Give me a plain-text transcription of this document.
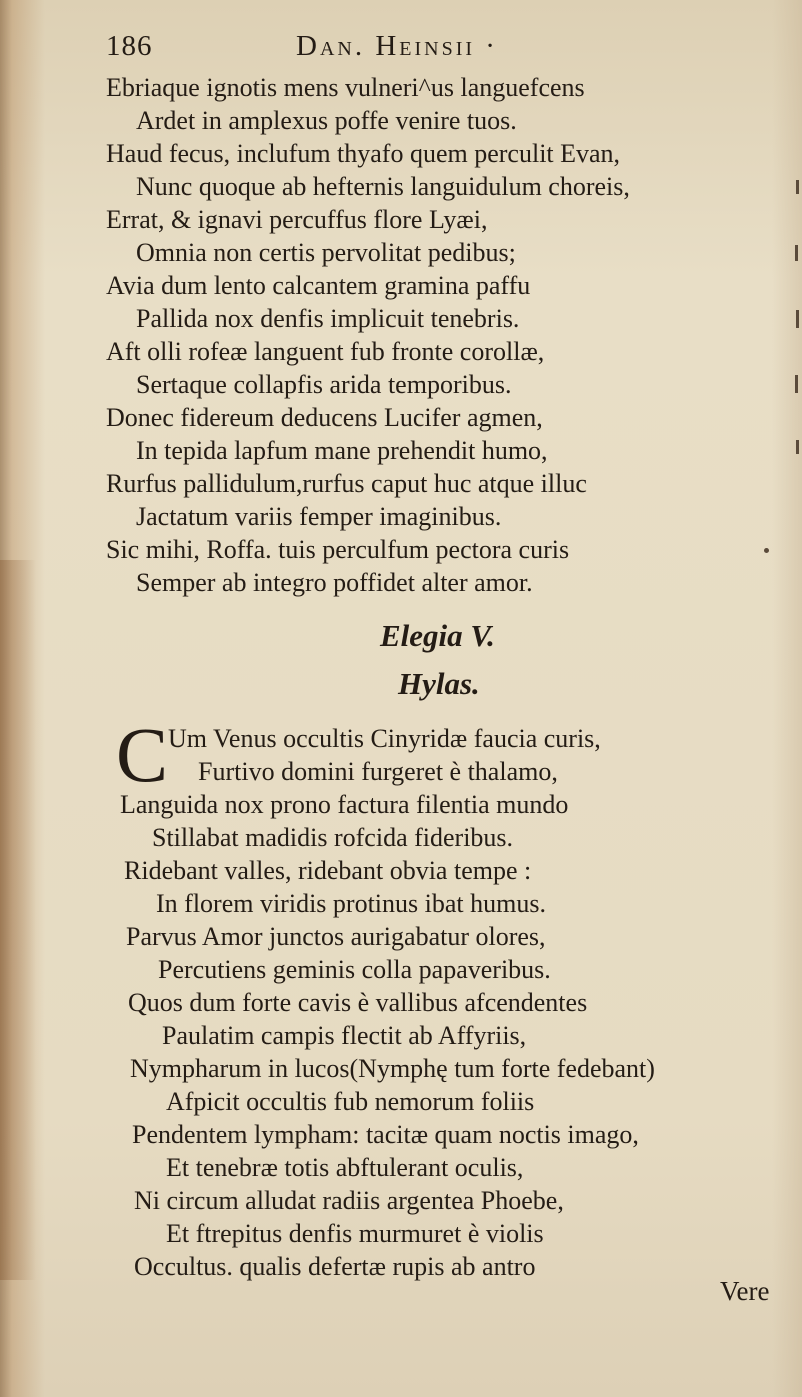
186	Dan. Heinsii ·
Ebriaque ignotis mens vulneri^us languefcens
Ardet in amplexus poffe venire tuos.
Haud fecus, inclufum thyafo quem perculit Evan,
Nunc quoque ab hefternis languidulum choreis,
Errat, & ignavi percuffus flore Lyæi,
Omnia non certis pervolitat pedibus;
Avia dum lento calcantem gramina paffu
Pallida nox denfis implicuit tenebris.
Aft olli rofeæ languent fub fronte corollæ,
Sertaque collapfis arida temporibus.
Donec fidereum deducens Lucifer agmen,
In tepida lapfum mane prehendit humo,
Rurfus pallidulum,rurfus caput huc atque illuc
Jactatum variis femper imaginibus.
Sic mihi, Roffa. tuis perculfum pectora curis
Semper ab integro poffidet alter amor.
Elegia V.
Hylas.
C Um Venus occultis Cinyridæ faucia curis,
Furtivo domini furgeret è thalamo,
Languida nox prono factura filentia mundo
Stillabat madidis rofcida fideribus.
Ridebant valles, ridebant obvia tempe :
In florem viridis protinus ibat humus.
Parvus Amor junctos aurigabatur olores,
Percutiens geminis colla papaveribus.
Quos dum forte cavis è vallibus afcendentes
Paulatim campis flectit ab Affyriis,
Nympharum in lucos(Nymphę tum forte fedebant)
Afpicit occultis fub nemorum foliis
Pendentem lympham: tacitæ quam noctis imago,
Et tenebræ totis abftulerant oculis,
Ni circum alludat radiis argentea Phoebe,
Et ftrepitus denfis murmuret è violis
Occultus. qualis defertæ rupis ab antro
Vere
